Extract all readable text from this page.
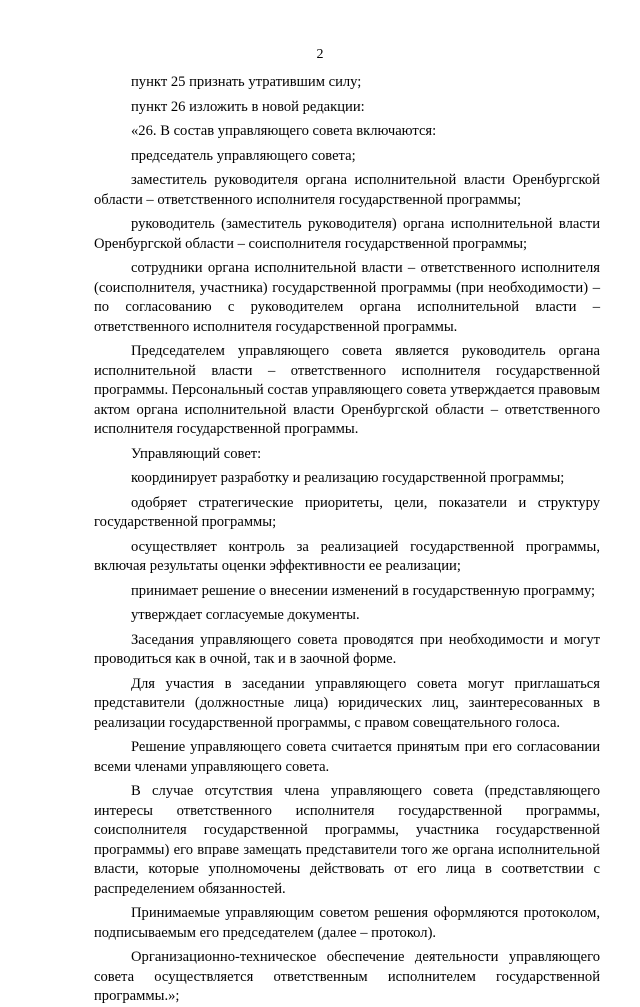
2

пункт 25 признать утратившим силу;

пункт 26 изложить в новой редакции:

«26. В состав управляющего совета включаются:

председатель управляющего совета;

заместитель руководителя органа исполнительной власти Оренбургской области – ответственного исполнителя государственной программы;

руководитель (заместитель руководителя) органа исполнительной власти Оренбургской области – соисполнителя государственной программы;

сотрудники органа исполнительной власти – ответственного исполнителя (соисполнителя, участника) государственной программы (при необходимости) – по согласованию с руководителем органа исполнительной власти – ответственного исполнителя государственной программы.

Председателем управляющего совета является руководитель органа исполнительной власти – ответственного исполнителя государственной программы. Персональный состав управляющего совета утверждается правовым актом органа исполнительной власти Оренбургской области – ответственного исполнителя государственной программы.

Управляющий совет:

координирует разработку и реализацию государственной программы;

одобряет стратегические приоритеты, цели, показатели и структуру государственной программы;

осуществляет контроль за реализацией государственной программы, включая результаты оценки эффективности ее реализации;

принимает решение о внесении изменений в государственную программу;

утверждает согласуемые документы.

Заседания управляющего совета проводятся при необходимости и могут проводиться как в очной, так и в заочной форме.

Для участия в заседании управляющего совета могут приглашаться представители (должностные лица) юридических лиц, заинтересованных в реализации государственной программы, с правом совещательного голоса.

Решение управляющего совета считается принятым при его согласовании всеми членами управляющего совета.

В случае отсутствия члена управляющего совета (представляющего интересы ответственного исполнителя государственной программы, соисполнителя государственной программы, участника государственной программы) его вправе замещать представители того же органа исполнительной власти, которые уполномочены действовать от его лица в соответствии с распределением обязанностей.

Принимаемые управляющим советом решения оформляются протоколом, подписываемым его председателем (далее – протокол).

Организационно-техническое обеспечение деятельности управляющего совета осуществляется ответственным исполнителем государственной программы.»;
